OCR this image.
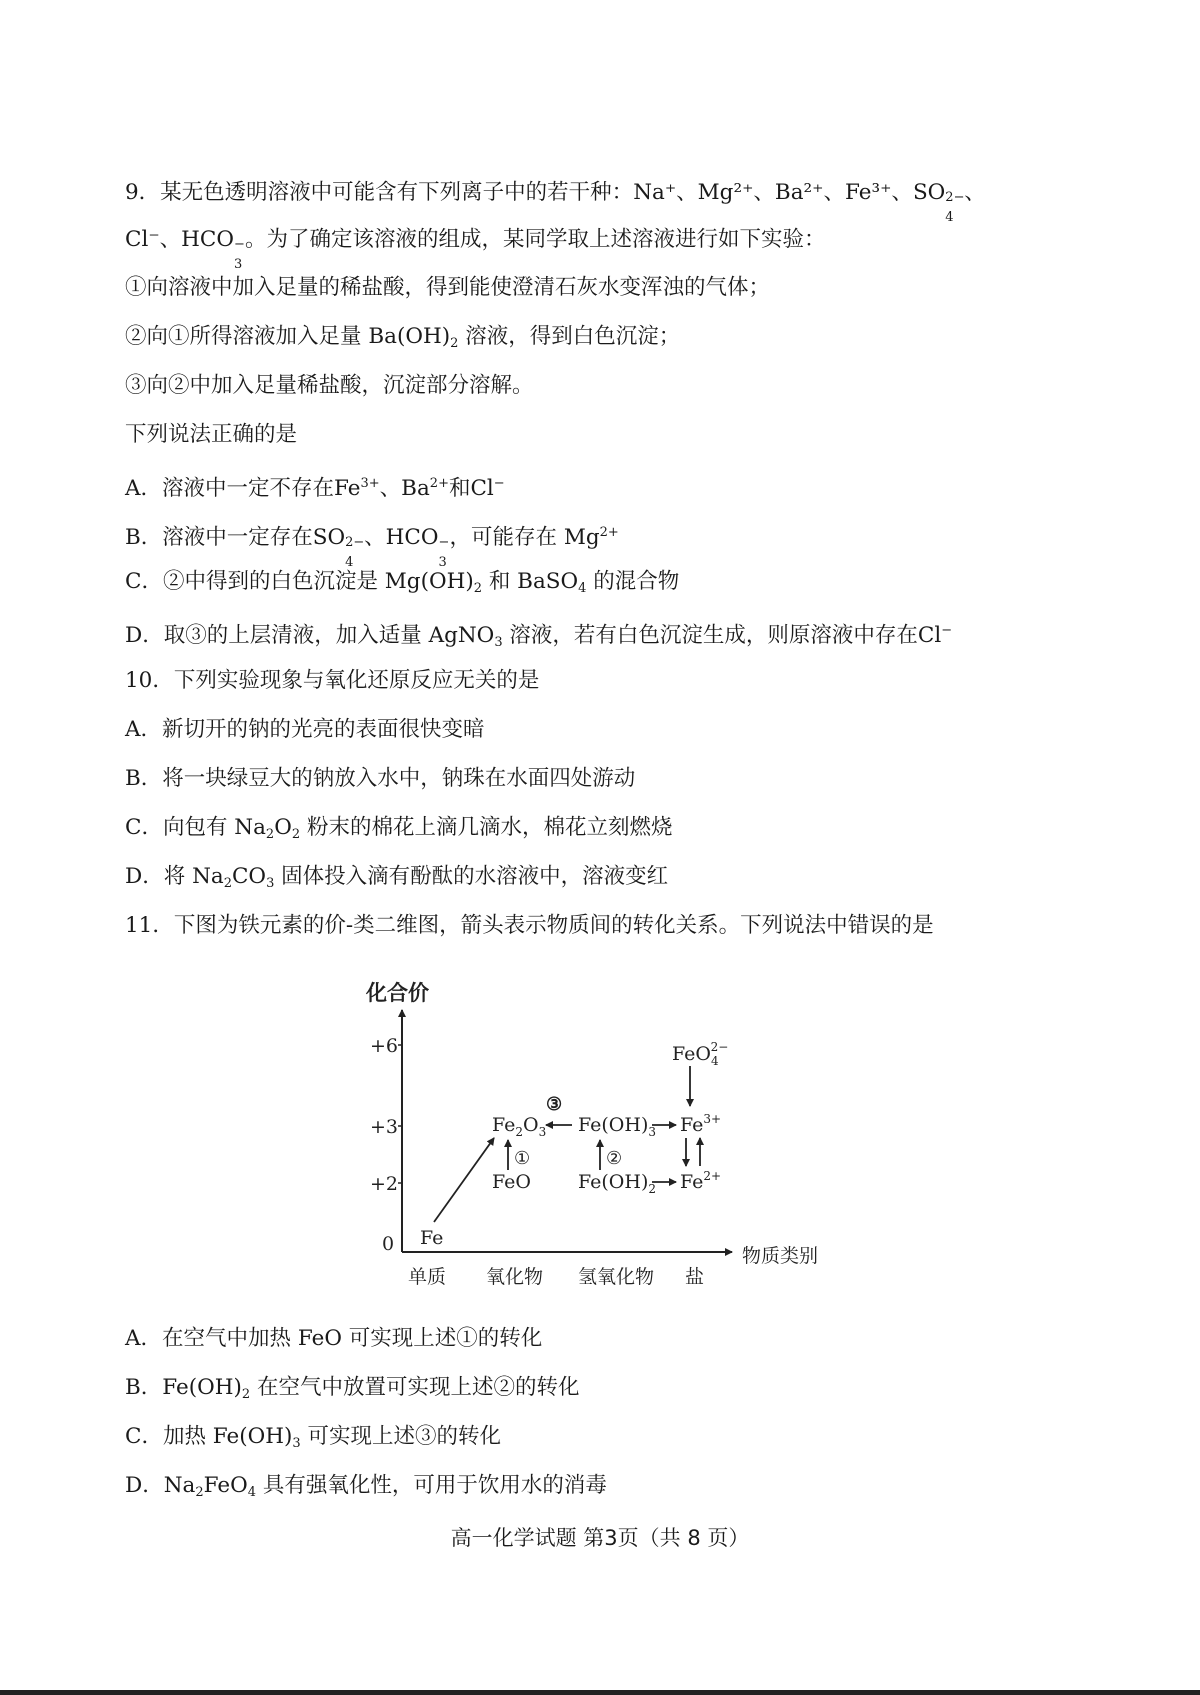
9．某无色透明溶液中可能含有下列离子中的若干种：Na⁺、Mg²⁺、Ba²⁺、Fe³⁺、SO 2−
4
、
Cl⁻、HCO −
3
。为了确定该溶液的组成，某同学取上述溶液进行如下实验：
①向溶液中加入足量的稀盐酸，得到能使澄清石灰水变浑浊的气体；
②向①所得溶液加入足量 $Ba(OH)_2$ 溶液，得到白色沉淀；
③向②中加入足量稀盐酸，沉淀部分溶解。
下列说法正确的是
A．溶液中一定不存在$Fe^{3+}$、$Ba^{2+}$和Cl−
B．溶液中一定存在SO 2−
4
、HCO −
3
，可能存在 $Mg^{2+}$
C．②中得到的白色沉淀是 $Mg(OH)_2$ 和 BaSO$_4$ 的混合物
D．取③的上层清液，加入适量 AgNO$_3$ 溶液，若有白色沉淀生成，则原溶液中存在Cl−
10．下列实验现象与氧化还原反应无关的是
A．新切开的钠的光亮的表面很快变暗
B．将一块绿豆大的钠放入水中，钠珠在水面四处游动
C．向包有 $Na_2O_2$ 粉末的棉花上滴几滴水，棉花立刻燃烧
D．将 $Na_2CO_3$ 固体投入滴有酚酞的水溶液中，溶液变红
11．下图为铁元素的价-类二维图，箭头表示物质间的转化关系。下列说法中错误的是
化合价
物质类别
+6
+3
+2
0
单质 氧化物 氢氧化物 盐
Fe
FeO
$Fe_2O_3$ $Fe(OH)_3$
$Fe(OH)_2$
$Fe^{3+}$
$Fe^{2+}$
FeO$_4$2−
①	②
③
A．在空气中加热 FeO 可实现上述①的转化
B．$Fe(OH)_2$ 在空气中放置可实现上述②的转化
C．加热 $Fe(OH)_3$ 可实现上述③的转化
D．$Na_2FeO_4$ 具有强氧化性，可用于饮用水的消毒
高一化学试题 第3页（共 8 页）
